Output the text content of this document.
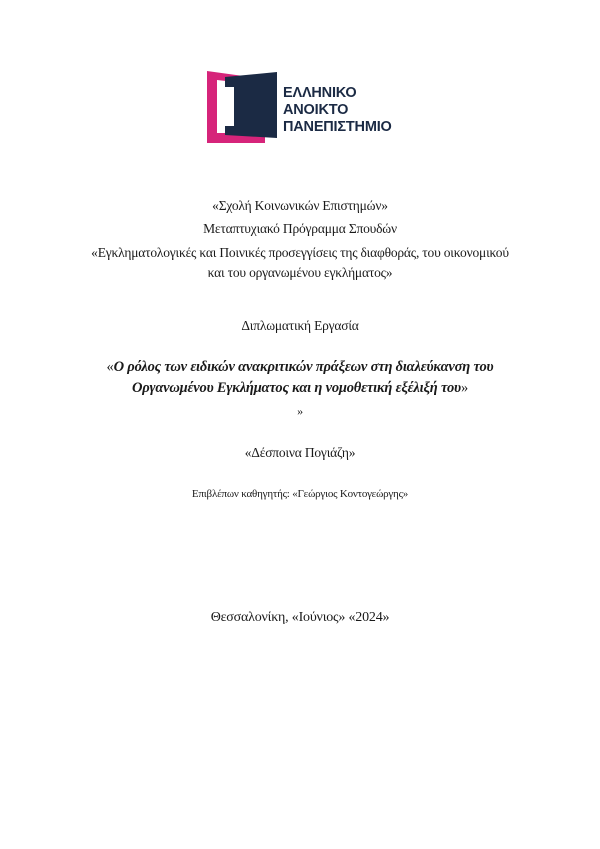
ΕΛΛΗΝΙΚΟ
ΑΝΟΙΚΤΟ
ΠΑΝΕΠΙΣΤΗΜΙΟ
«Σχολή Κοινωνικών Επιστημών»
Μεταπτυχιακό Πρόγραμμα Σπουδών
«Εγκληματολογικές και Ποινικές προσεγγίσεις της διαφθοράς, του οικονομικού
και του οργανωμένου εγκλήματος»
Διπλωματική Εργασία
«Ο ρόλος των ειδικών ανακριτικών πράξεων στη διαλεύκανση του
Οργανωμένου Εγκλήματος και η νομοθετική εξέλιξή του»
»
«Δέσποινα Πογιάζη»
Επιβλέπων καθηγητής: «Γεώργιος Κοντογεώργης»
Θεσσαλονίκη, «Ιούνιος» «2024»
